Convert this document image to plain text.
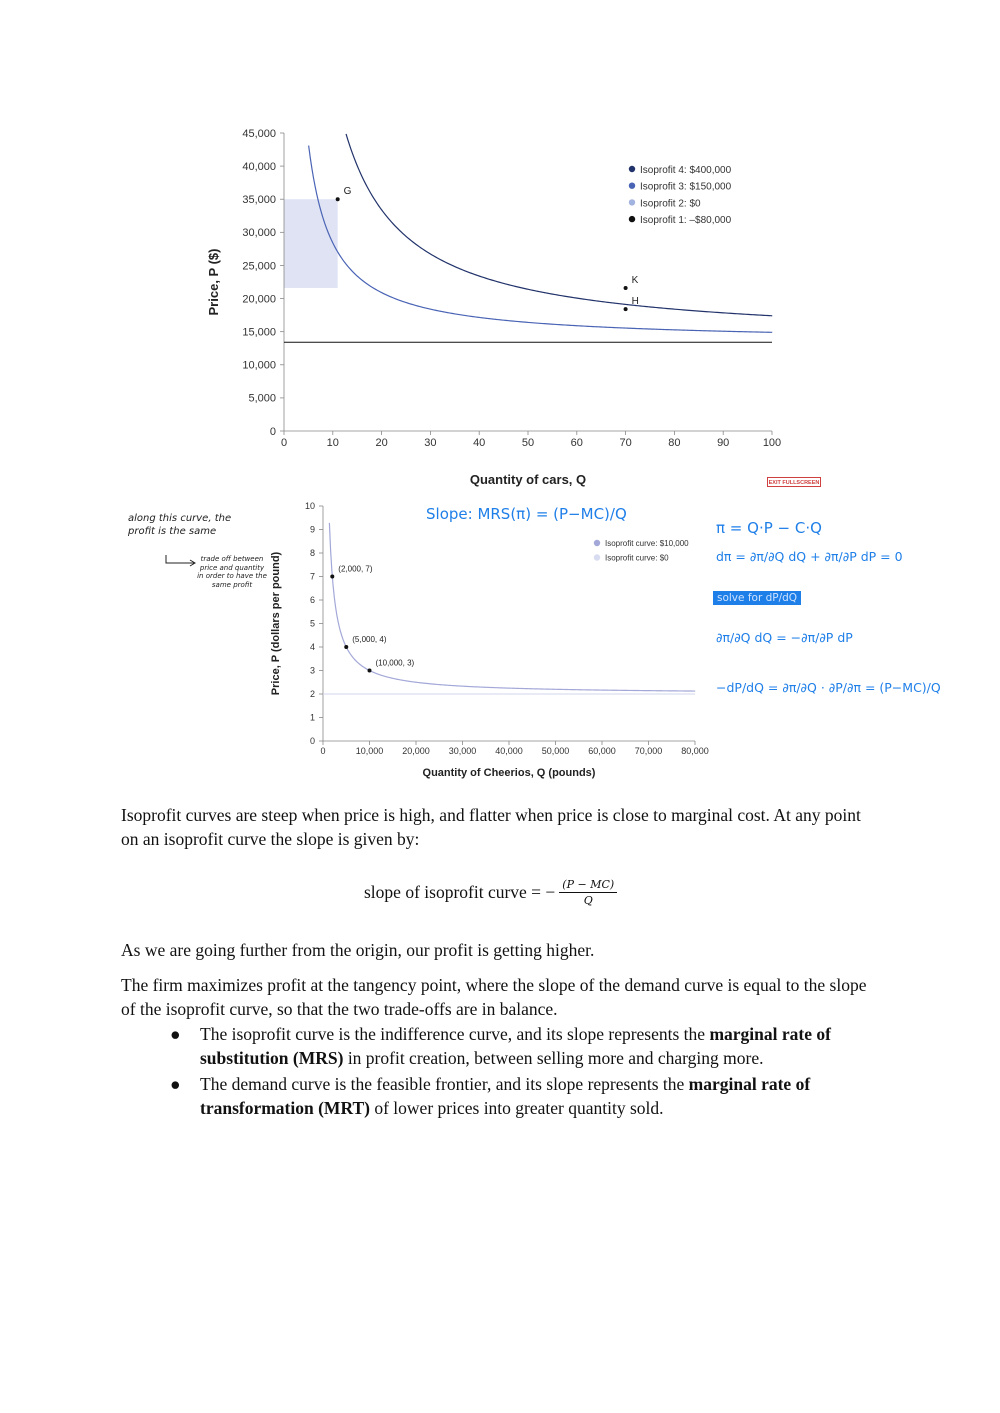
0	10	20	30	40	50	60	70	80	90	100
0
5,000
10,000
15,000
20,000
25,000
30,000
35,000
40,000
45,000
Quantity of cars, Q
Price, P ($)
G
K
H
Isoprofit 4: $400,000
Isoprofit 3: $150,000
Isoprofit 2: $0
Isoprofit 1: –$80,000
EXIT FULLSCREEN
0	10,000 20,000 30,000 40,000 50,000 60,000 70,000 80,000
0
1
2
3
4
5
6
7
8
9
10
Quantity of Cheerios, Q (pounds)
Price, P (dollars per pound)	(2,000, 7)
(5,000, 4)
(10,000, 3)
Isoprofit curve: $10,000
Isoprofit curve: $0
along this curve, the profit is the same
trade off between price and quantity in order to have the same profit
Slope: MRS(π) = (P−MC)/Q
π = Q·P − C·Q
dπ = ∂π/∂Q dQ + ∂π/∂P dP = 0
solve for dP/dQ
∂π/∂Q dQ = −∂π/∂P dP
−dP/dQ = ∂π/∂Q · ∂P/∂π = (P−MC)/Q

Isoprofit curves are steep when price is high, and flatter when price is close to marginal cost. At any point on an isoprofit curve the slope is given by:

slope of isoprofit curve = − $\frac{(P - MC)}{Q}$

As we are going further from the origin, our profit is getting higher.

The firm maximizes profit at the tangency point, where the slope of the demand curve is equal to the slope of the isoprofit curve, so that the two trade-offs are in balance.

● The isoprofit curve is the indifference curve, and its slope represents the marginal rate of substitution (MRS) in profit creation, between selling more and charging more.
● The demand curve is the feasible frontier, and its slope represents the marginal rate of transformation (MRT) of lower prices into greater quantity sold.
